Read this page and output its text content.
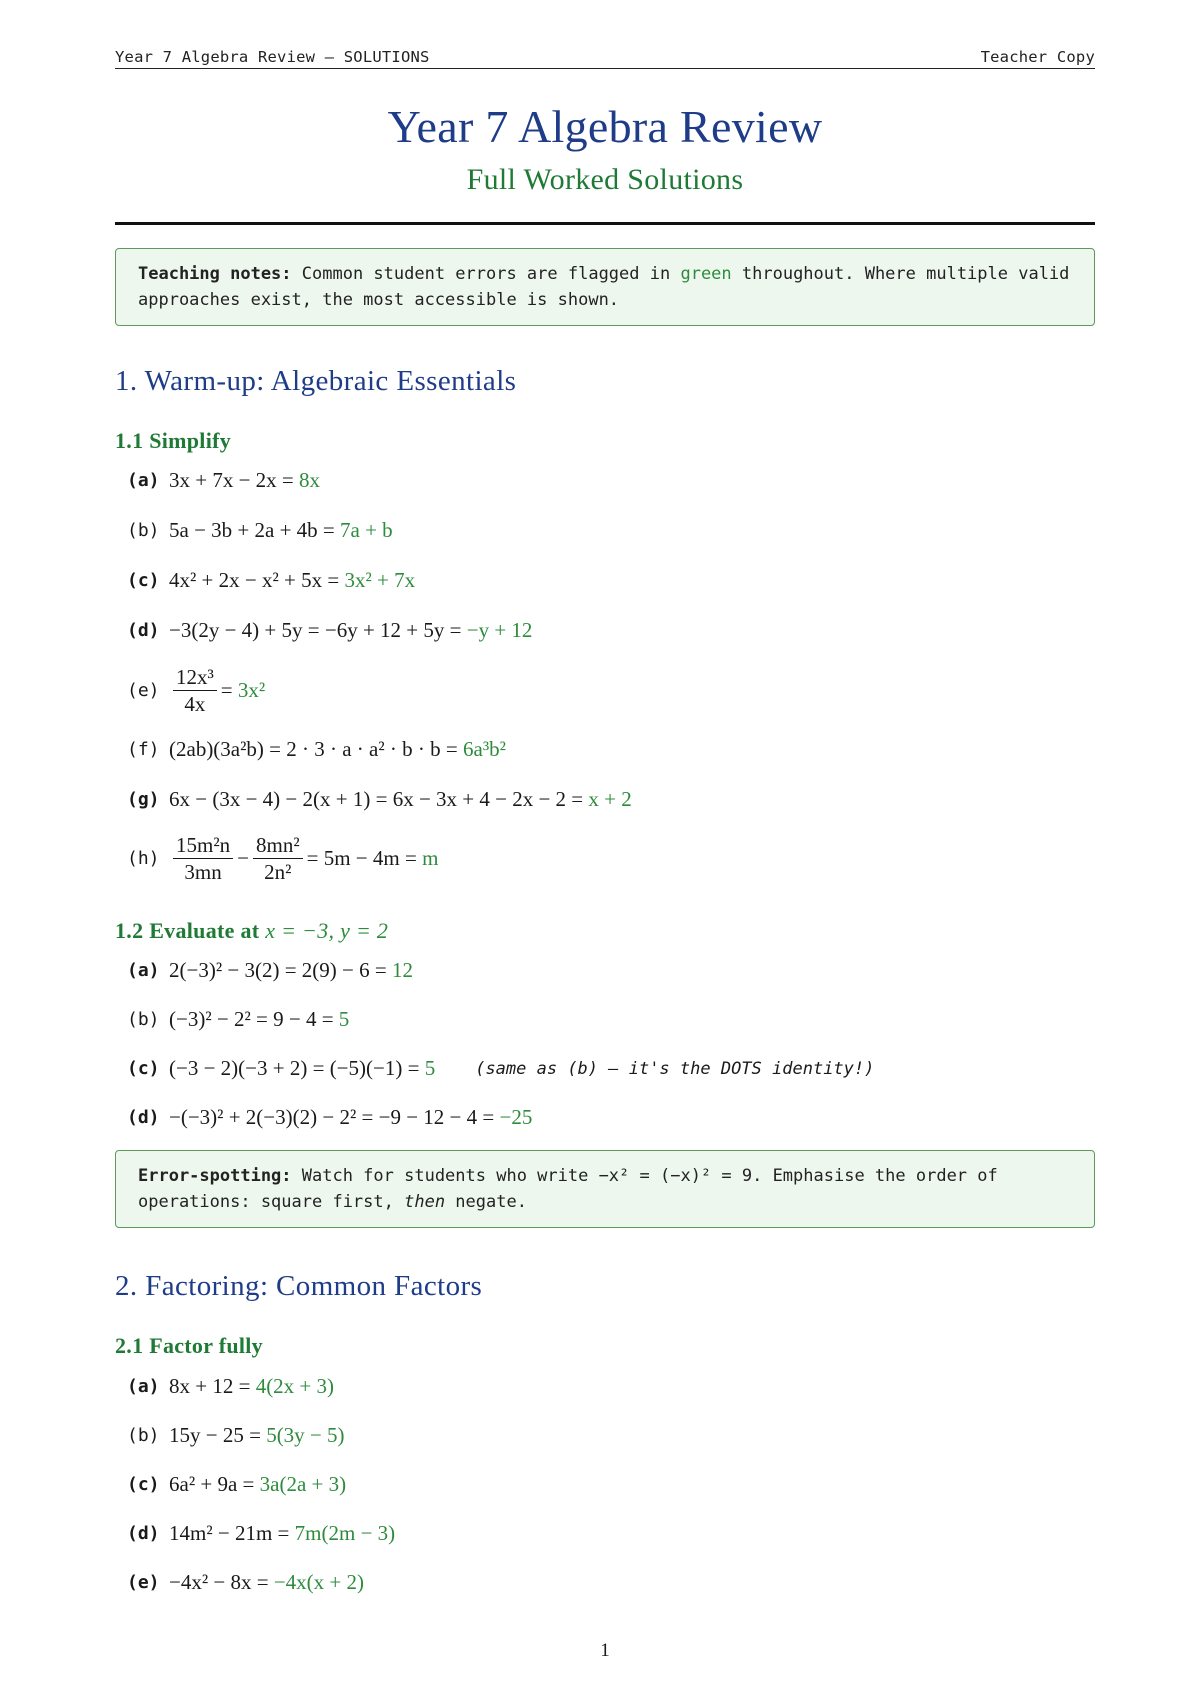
Year 7 Algebra Review — SOLUTIONS	Teacher Copy
Year 7 Algebra Review
Full Worked Solutions
Teaching notes: Common student errors are flagged in green throughout. Where multiple valid approaches exist, the most accessible is shown.
1. Warm-up: Algebraic Essentials
1.1 Simplify
(a) 3x + 7x − 2x =
8x
(b) 5a − 3b + 2a + 4b =
7a + b
(c) 4x² + 2x − x² + 5x =
3x² + 7x
(d) −3(2y − 4) + 5y = −6y + 12 + 5y =
−y + 12
$(e) \frac{\text{12x³}}{4x}$ =
3x²
(f) (2ab)(3a²b) = 2 · 3 · a · a² · b · b =
6a³b²
(g) 6x − (3x − 4) − 2(x + 1) = 6x − 3x + 4 − 2x − 2 =
x + 2
$(h) \frac{\text{15m²n}}{3mn} - \frac{\text{8mn²}}{\text{2n²}} = 5m - 4m$ =
m
1.2 Evaluate at x = −3, y = 2
(a) 2(−3)² − 3(2) = 2(9) − 6 =
12
(b) (−3)² − 2² = 9 − 4 =
5
(c) (−3 − 2)(−3 + 2) = (−5)(−1) =
5 (same as (b) — it's the DOTS identity!)
(d) −(−3)² + 2(−3)(2) − 2² = −9 − 12 − 4 =
−25
Error-spotting: Watch for students who write −x² = (−x)² = 9. Emphasise the order of operations: square first, then negate.
2. Factoring: Common Factors
2.1 Factor fully
(a) 8x + 12 =
4(2x + 3)
(b) 15y − 25 =
5(3y − 5)
(c) 6a² + 9a =
3a(2a + 3)
(d) 14m² − 21m =
7m(2m − 3)
(e) −4x² − 8x =
−4x(x + 2)
1
